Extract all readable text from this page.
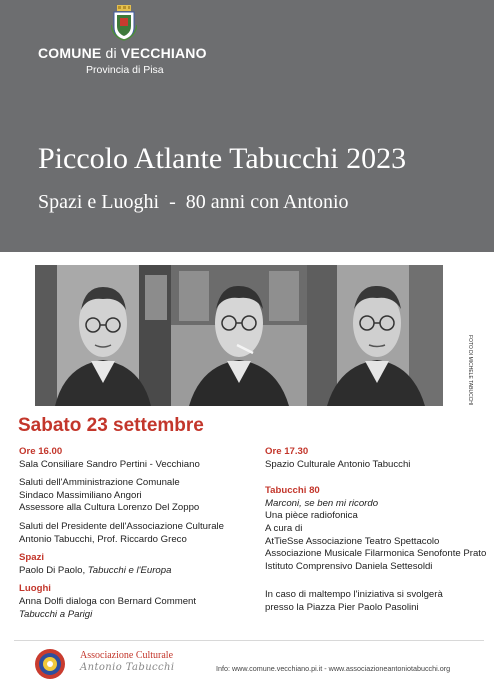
COMUNE di VECCHIANO
Provincia di Pisa
Piccolo Atlante Tabucchi 2023
Spazi e Luoghi - 80 anni con Antonio
FOTO DI MICHELE TABUCCHI
Sabato 23 settembre
Ore 16.00
Sala Consiliare Sandro Pertini - Vecchiano
Saluti dell'Amministrazione Comunale
Sindaco Massimiliano Angori
Assessore alla Cultura Lorenzo Del Zoppo
Saluti del Presidente dell'Associazione Culturale
Antonio Tabucchi, Prof. Riccardo Greco
Spazi
Paolo Di Paolo, Tabucchi e l'Europa
Luoghi
Anna Dolfi dialoga con Bernard Comment
Tabucchi a Parigi
Ore 17.30
Spazio Culturale Antonio Tabucchi
Tabucchi 80
Marconi, se ben mi ricordo
Una pièce radiofonica
A cura di
AtTieSse Associazione Teatro Spettacolo
Associazione Musicale Filarmonica Senofonte Prato
Istituto Comprensivo Daniela Settesoldi
In caso di maltempo l'iniziativa si svolgerà
presso la Piazza Pier Paolo Pasolini
Associazione Culturale
Antonio Tabucchi	Info: www.comune.vecchiano.pi.it - www.associazioneantoniotabucchi.org
